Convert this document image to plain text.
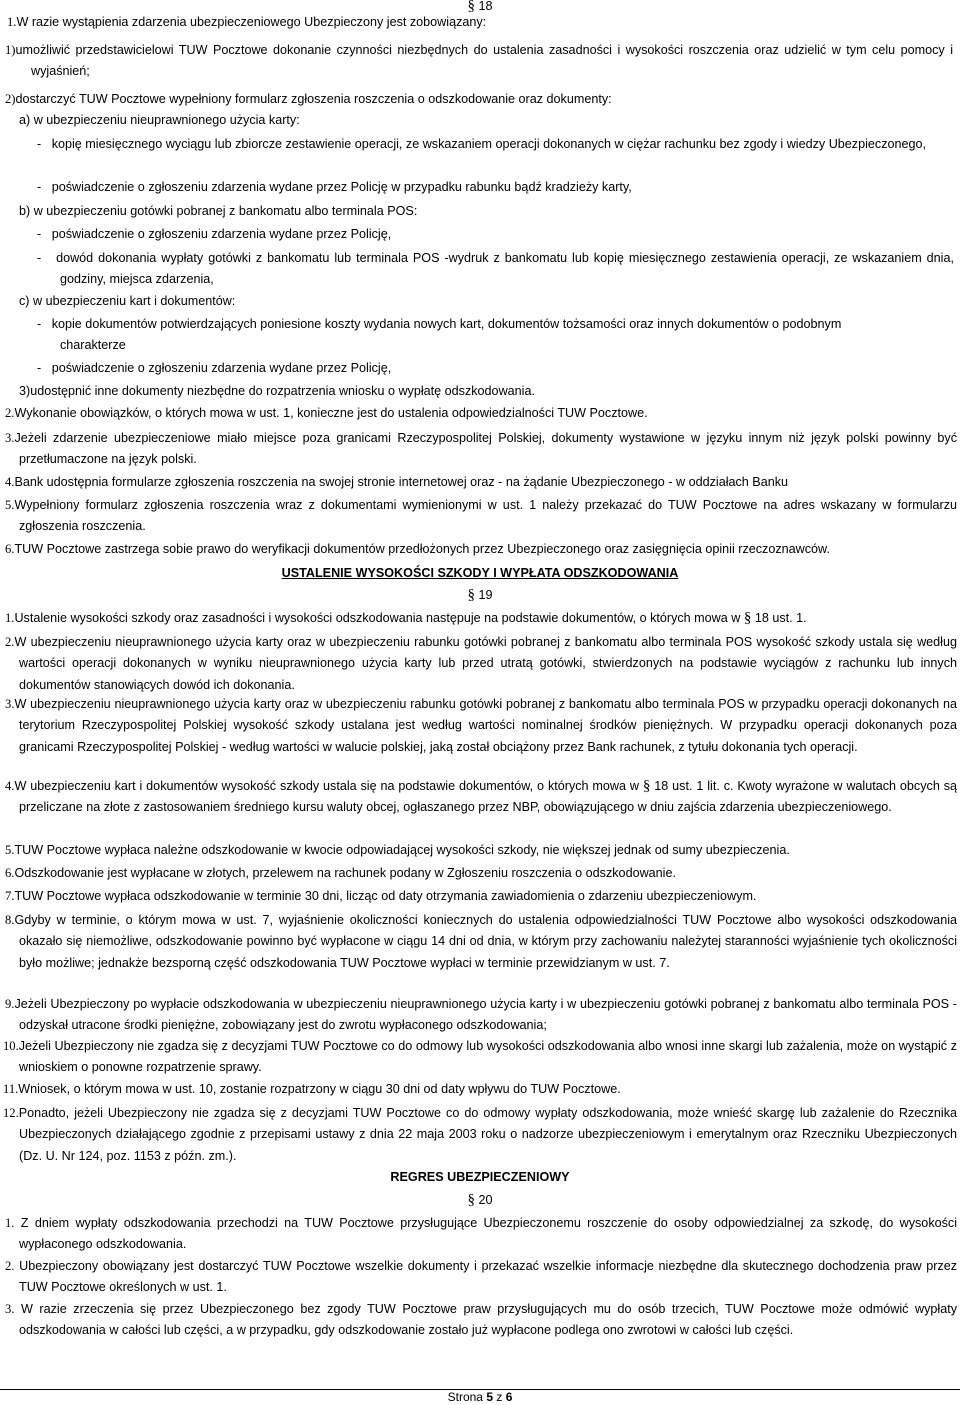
§ 18

1.W razie wystąpienia zdarzenia ubezpieczeniowego Ubezpieczony jest zobowiązany:

1)umożliwić przedstawicielowi TUW Pocztowe dokonanie czynności niezbędnych do ustalenia zasadności i wysokości roszczenia oraz udzielić w tym celu pomocy i wyjaśnień;

2)dostarczyć TUW Pocztowe wypełniony formularz zgłoszenia roszczenia o odszkodowanie oraz dokumenty:

a) w ubezpieczeniu nieuprawnionego użycia karty:

-   kopię miesięcznego wyciągu lub zbiorcze zestawienie operacji, ze wskazaniem operacji dokonanych w ciężar rachunku bez zgody i wiedzy Ubezpieczonego,

-   poświadczenie o zgłoszeniu zdarzenia wydane przez Policję w przypadku rabunku bądź kradzieży karty,

b) w ubezpieczeniu gotówki pobranej z bankomatu albo terminala POS:

-   poświadczenie o zgłoszeniu zdarzenia wydane przez Policję,

-   dowód dokonania wypłaty gotówki z bankomatu lub terminala POS -wydruk z bankomatu lub kopię miesięcznego zestawienia operacji, ze wskazaniem dnia, godziny, miejsca zdarzenia,

c) w ubezpieczeniu kart i dokumentów:

-   kopie dokumentów potwierdzających poniesione koszty wydania nowych kart, dokumentów tożsamości oraz innych dokumentów o podobnym charakterze

-   poświadczenie o zgłoszeniu zdarzenia wydane przez Policję,

3)udostępnić inne dokumenty niezbędne do rozpatrzenia wniosku o wypłatę odszkodowania.

2.Wykonanie obowiązków, o których mowa w ust. 1, konieczne jest do ustalenia odpowiedzialności TUW Pocztowe.

3.Jeżeli zdarzenie ubezpieczeniowe miało miejsce poza granicami Rzeczypospolitej Polskiej, dokumenty wystawione w języku innym niż język polski powinny być przetłumaczone na język polski.

4.Bank udostępnia formularze zgłoszenia roszczenia na swojej stronie internetowej oraz - na żądanie Ubezpieczonego - w oddziałach Banku

5.Wypełniony formularz zgłoszenia roszczenia wraz z dokumentami wymienionymi w ust. 1 należy przekazać do TUW Pocztowe na adres wskazany w formularzu zgłoszenia roszczenia.

6.TUW Pocztowe zastrzega sobie prawo do weryfikacji dokumentów przedłożonych przez Ubezpieczonego oraz zasięgnięcia opinii rzeczoznawców.

USTALENIE WYSOKOŚCI SZKODY I WYPŁATA ODSZKODOWANIA
§ 19

1.Ustalenie wysokości szkody oraz zasadności i wysokości odszkodowania następuje na podstawie dokumentów, o których mowa w § 18 ust. 1.

2.W ubezpieczeniu nieuprawnionego użycia karty oraz w ubezpieczeniu rabunku gotówki pobranej z bankomatu albo terminala POS wysokość szkody ustala się według wartości operacji dokonanych w wyniku nieuprawnionego użycia karty lub przed utratą gotówki, stwierdzonych na podstawie wyciągów z rachunku lub innych dokumentów stanowiących dowód ich dokonania.

3.W ubezpieczeniu nieuprawnionego użycia karty oraz w ubezpieczeniu rabunku gotówki pobranej z bankomatu albo terminala POS w przypadku operacji dokonanych na terytorium Rzeczypospolitej Polskiej wysokość szkody ustalana jest według wartości nominalnej środków pieniężnych. W przypadku operacji dokonanych poza granicami Rzeczypospolitej Polskiej - według wartości w walucie polskiej, jaką został obciążony przez Bank rachunek, z tytułu dokonania tych operacji.

4.W ubezpieczeniu kart i dokumentów wysokość szkody ustala się na podstawie dokumentów, o których mowa w § 18 ust. 1 lit. c. Kwoty wyrażone w walutach obcych są przeliczane na złote z zastosowaniem średniego kursu waluty obcej, ogłaszanego przez NBP, obowiązującego w dniu zajścia zdarzenia ubezpieczeniowego.

5.TUW Pocztowe wypłaca należne odszkodowanie w kwocie odpowiadającej wysokości szkody, nie większej jednak od sumy ubezpieczenia.

6.Odszkodowanie jest wypłacane w złotych, przelewem na rachunek podany w Zgłoszeniu roszczenia o odszkodowanie.

7.TUW Pocztowe wypłaca odszkodowanie w terminie 30 dni, licząc od daty otrzymania zawiadomienia o zdarzeniu ubezpieczeniowym.

8.Gdyby w terminie, o którym mowa w ust. 7, wyjaśnienie okoliczności koniecznych do ustalenia odpowiedzialności TUW Pocztowe albo wysokości odszkodowania okazało się niemożliwe, odszkodowanie powinno być wypłacone w ciągu 14 dni od dnia, w którym przy zachowaniu należytej staranności wyjaśnienie tych okoliczności było możliwe; jednakże bezsporną część odszkodowania TUW Pocztowe wypłaci w terminie przewidzianym w ust. 7.

9.Jeżeli Ubezpieczony po wypłacie odszkodowania w ubezpieczeniu nieuprawnionego użycia karty i w ubezpieczeniu gotówki pobranej z bankomatu albo terminala POS - odzyskał utracone środki pieniężne, zobowiązany jest do zwrotu wypłaconego odszkodowania;

10.Jeżeli Ubezpieczony nie zgadza się z decyzjami TUW Pocztowe co do odmowy lub wysokości odszkodowania albo wnosi inne skargi lub zażalenia, może on wystąpić z wnioskiem o ponowne rozpatrzenie sprawy.

11.Wniosek, o którym mowa w ust. 10, zostanie rozpatrzony w ciągu 30 dni od daty wpływu do TUW Pocztowe.

12.Ponadto, jeżeli Ubezpieczony nie zgadza się z decyzjami TUW Pocztowe co do odmowy wypłaty odszkodowania, może wnieść skargę lub zażalenie do Rzecznika Ubezpieczonych działającego zgodnie z przepisami ustawy z dnia 22 maja 2003 roku o nadzorze ubezpieczeniowym i emerytalnym oraz Rzeczniku Ubezpieczonych (Dz. U. Nr 124, poz. 1153 z późn. zm.).

REGRES UBEZPIECZENIOWY
§ 20

1. Z dniem wypłaty odszkodowania przechodzi na TUW Pocztowe przysługujące Ubezpieczonemu roszczenie do osoby odpowiedzialnej za szkodę, do wysokości wypłaconego odszkodowania.

2. Ubezpieczony obowiązany jest dostarczyć TUW Pocztowe wszelkie dokumenty i przekazać wszelkie informacje niezbędne dla skutecznego dochodzenia praw przez TUW Pocztowe określonych w ust. 1.

3. W razie zrzeczenia się przez Ubezpieczonego bez zgody TUW Pocztowe praw przysługujących mu do osób trzecich, TUW Pocztowe może odmówić wypłaty odszkodowania w całości lub części, a w przypadku, gdy odszkodowanie zostało już wypłacone podlega ono zwrotowi w całości lub części.

Strona 5 z 6
